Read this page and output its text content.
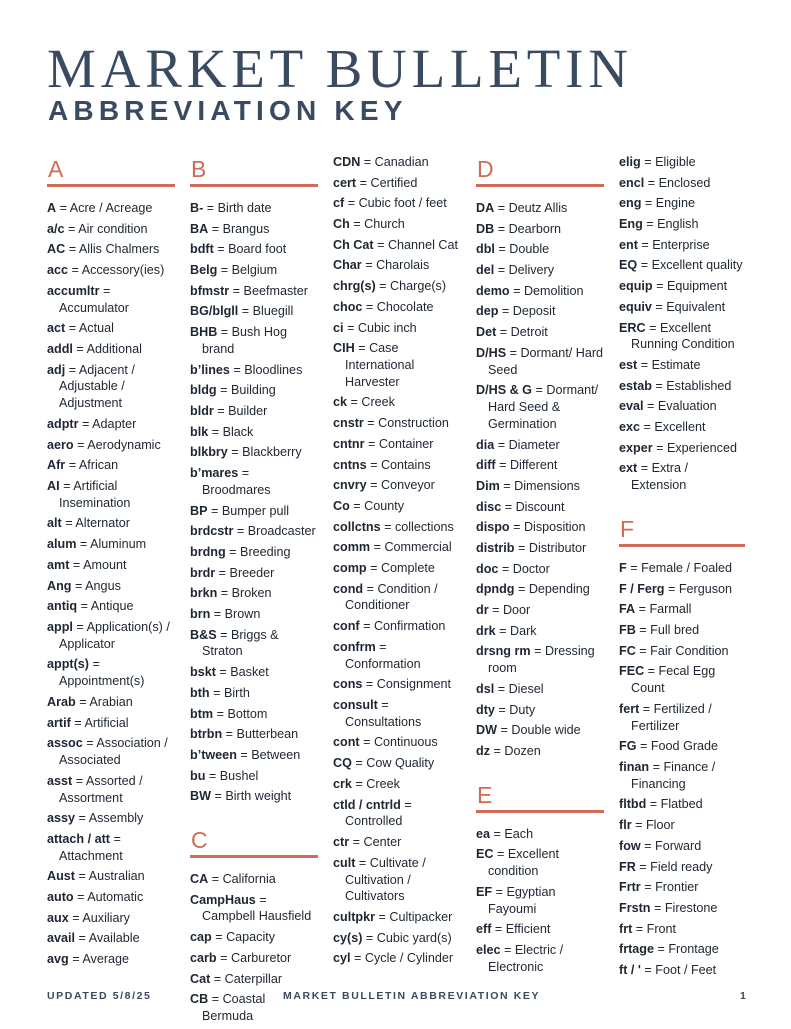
MARKET BULLETIN
ABBREVIATION KEY
A
A = Acre / Acreage
a/c = Air condition
AC = Allis Chalmers
acc = Accessory(ies)
accumltr = Accumulator
act = Actual
addl = Additional
adj = Adjacent / Adjustable / Adjustment
adptr = Adapter
aero = Aerodynamic
Afr = African
AI = Artificial Insemination
alt = Alternator
alum = Aluminum
amt = Amount
Ang = Angus
antiq = Antique
appl = Application(s) / Applicator
appt(s) = Appointment(s)
Arab = Arabian
artif = Artificial
assoc = Association / Associated
asst = Assorted / Assortment
assy = Assembly
attach / att = Attachment
Aust = Australian
auto = Automatic
aux = Auxiliary
avail = Available
avg = Average
B
B- = Birth date
BA = Brangus
bdft = Board foot
Belg = Belgium
bfmstr = Beefmaster
BG/blgll = Bluegill
BHB = Bush Hog brand
b’lines = Bloodlines
bldg = Building
bldr = Builder
blk = Black
blkbry = Blackberry
b’mares = Broodmares
BP = Bumper pull
brdcstr = Broadcaster
brdng = Breeding
brdr = Breeder
brkn = Broken
brn = Brown
B&S = Briggs & Straton
bskt = Basket
bth = Birth
btm = Bottom
btrbn = Butterbean
b’tween = Between
bu = Bushel
BW = Birth weight
C
CA = California
CampHaus = Campbell Hausfield
cap = Capacity
carb = Carburetor
Cat = Caterpillar
CB = Coastal Bermuda
CDN = Canadian
cert = Certified
cf = Cubic foot / feet
Ch = Church
Ch Cat = Channel Cat
Char = Charolais
chrg(s) = Charge(s)
choc = Chocolate
ci = Cubic inch
CIH = Case International Harvester
ck = Creek
cnstr = Construction
cntnr = Container
cntns = Contains
cnvry = Conveyor
Co = County
collctns = collections
comm = Commercial
comp = Complete
cond = Condition / Conditioner
conf = Confirmation
confrm = Conformation
cons = Consignment
consult = Consultations
cont = Continuous
CQ = Cow Quality
crk = Creek
ctld / cntrld = Controlled
ctr = Center
cult = Cultivate / Cultivation / Cultivators
cultpkr = Cultipacker
cy(s) = Cubic yard(s)
cyl = Cycle / Cylinder
D
DA = Deutz Allis
DB = Dearborn
dbl = Double
del = Delivery
demo = Demolition
dep = Deposit
Det = Detroit
D/HS = Dormant/ Hard Seed
D/HS & G = Dormant/ Hard Seed & Germination
dia = Diameter
diff = Different
Dim = Dimensions
disc = Discount
dispo = Disposition
distrib = Distributor
doc = Doctor
dpndg = Depending
dr = Door
drk = Dark
drsng rm = Dressing room
dsl = Diesel
dty = Duty
DW = Double wide
dz = Dozen
E
ea = Each
EC = Excellent condition
EF = Egyptian Fayoumi
eff = Efficient
elec = Electric / Electronic
elig = Eligible
encl = Enclosed
eng = Engine
Eng = English
ent = Enterprise
EQ = Excellent quality
equip = Equipment
equiv = Equivalent
ERC = Excellent Running Condition
est = Estimate
estab = Established
eval = Evaluation
exc = Excellent
exper = Experienced
ext = Extra / Extension
F
F = Female / Foaled
F / Ferg = Ferguson
FA = Farmall
FB = Full bred
FC = Fair Condition
FEC = Fecal Egg Count
fert = Fertilized / Fertilizer
FG = Food Grade
finan = Finance / Financing
fltbd = Flatbed
flr = Floor
fow = Forward
FR = Field ready
Frtr = Frontier
Frstn = Firestone
frt = Front
frtage = Frontage
ft / ' = Foot / Feet
UPDATED 5/8/25	MARKET BULLETIN ABBREVIATION KEY	1
